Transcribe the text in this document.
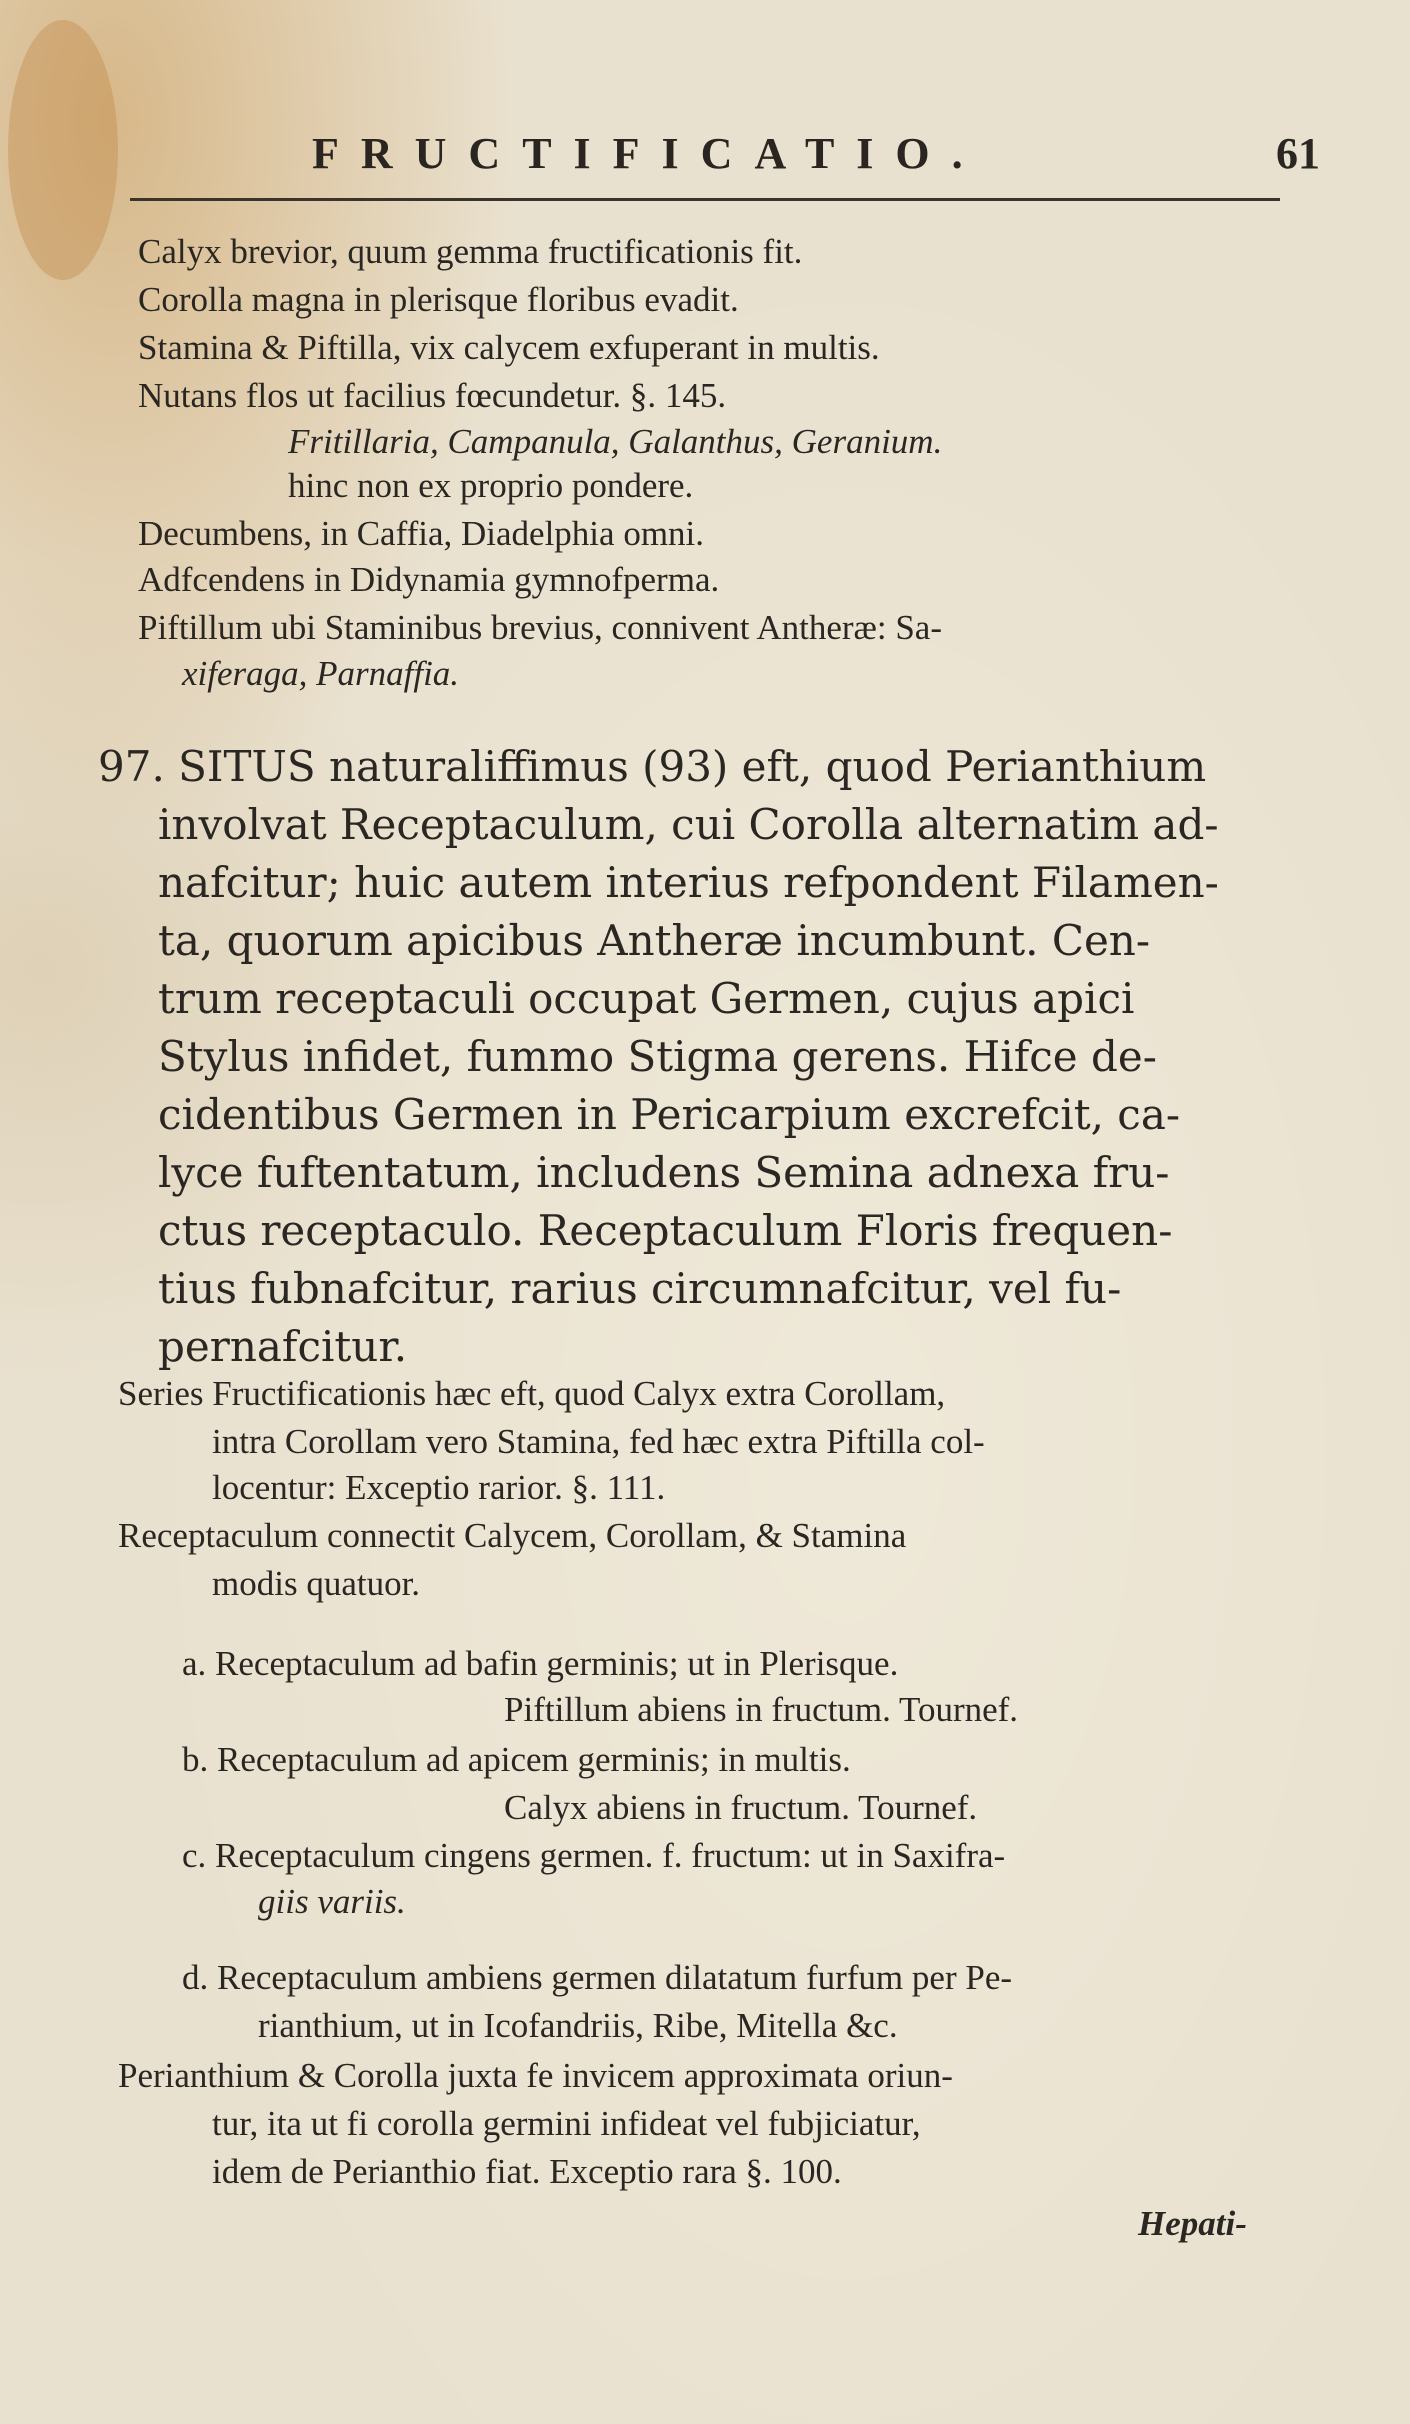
FRUCTIFICATIO.	61
Calyx brevior, quum gemma fructificationis fit.
Corolla magna in plerisque floribus evadit.
Stamina & Piftilla, vix calycem exfuperant in multis.
Nutans flos ut facilius fœcundetur. §. 145.
Fritillaria, Campanula, Galanthus, Geranium.
hinc non ex proprio pondere.
Decumbens, in Caffia, Diadelphia omni.
Adfcendens in Didynamia gymnofperma.
Piftillum ubi Staminibus brevius, connivent Antheræ: Sa-
xiferaga, Parnaffia.
97. SITUS naturaliffimus (93) eft, quod Perianthium
involvat Receptaculum, cui Corolla alternatim ad-
nafcitur; huic autem interius refpondent Filamen-
ta, quorum apicibus Antheræ incumbunt. Cen-
trum receptaculi occupat Germen, cujus apici
Stylus infidet, fummo Stigma gerens. Hifce de-
cidentibus Germen in Pericarpium excrefcit, ca-
lyce fuftentatum, includens Semina adnexa fru-
ctus receptaculo. Receptaculum Floris frequen-
tius fubnafcitur, rarius circumnafcitur, vel fu-
pernafcitur.
Series Fructificationis hæc eft, quod Calyx extra Corollam,
intra Corollam vero Stamina, fed hæc extra Piftilla col-
locentur: Exceptio rarior. §. 111.
Receptaculum connectit Calycem, Corollam, & Stamina
modis quatuor.
a. Receptaculum ad bafin germinis; ut in Plerisque.
Piftillum abiens in fructum. Tournef.
b. Receptaculum ad apicem germinis; in multis.
Calyx abiens in fructum. Tournef.
c. Receptaculum cingens germen. f. fructum: ut in Saxifra-
giis variis.
d. Receptaculum ambiens germen dilatatum furfum per Pe-
rianthium, ut in Icofandriis, Ribe, Mitella &c.
Perianthium & Corolla juxta fe invicem approximata oriun-
tur, ita ut fi corolla germini infideat vel fubjiciatur,
idem de Perianthio fiat. Exceptio rara §. 100.
Hepati-
